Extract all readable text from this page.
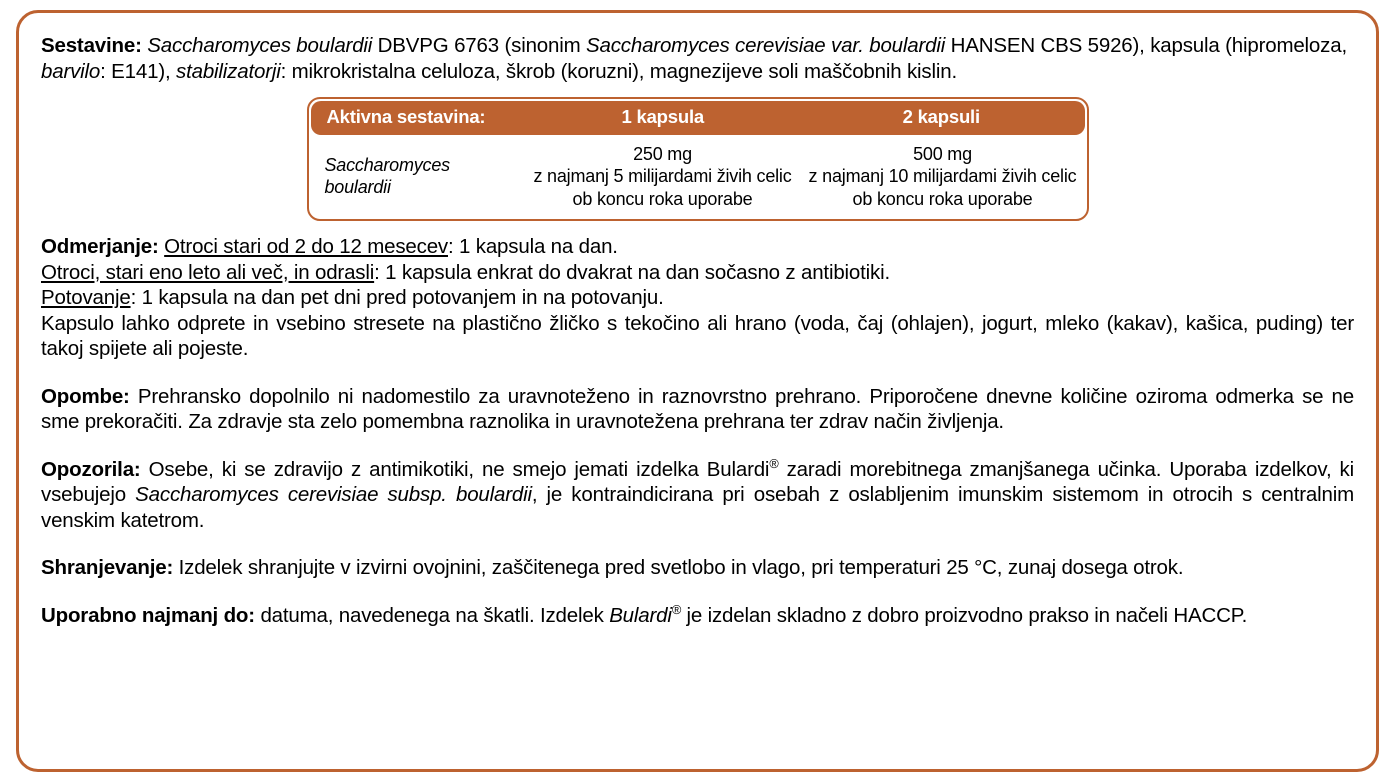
Sestavine: Saccharomyces boulardii DBVPG 6763 (sinonim Saccharomyces cerevisiae var. boulardii HANSEN CBS 5926), kapsula (hipromeloza, barvilo: E141), stabilizatorji: mikrokristalna celuloza, škrob (koruzni), magnezijeve soli maščobnih kislin.

Aktivna sestavina:	1 kapsula	2 kapsuli
Saccharomyces
boulardii
250 mg
z najmanj 5 milijardami živih celic
ob koncu roka uporabe
500 mg
z najmanj 10 milijardami živih celic
ob koncu roka uporabe

Odmerjanje: Otroci stari od 2 do 12 mesecev: 1 kapsula na dan.

Otroci, stari eno leto ali več, in odrasli: 1 kapsula enkrat do dvakrat na dan sočasno z antibiotiki.

Potovanje: 1 kapsula na dan pet dni pred potovanjem in na potovanju.

Kapsulo lahko odprete in vsebino stresete na plastično žličko s tekočino ali hrano (voda, čaj (ohlajen), jogurt, mleko (kakav), kašica, puding) ter takoj spijete ali pojeste.

Opombe: Prehransko dopolnilo ni nadomestilo za uravnoteženo in raznovrstno prehrano. Priporočene dnevne količine oziroma odmerka se ne sme prekoračiti. Za zdravje sta zelo pomembna raznolika in uravnotežena prehrana ter zdrav način življenja.

Opozorila: Osebe, ki se zdravijo z antimikotiki, ne smejo jemati izdelka Bulardi® zaradi morebitnega zmanjšanega učinka. Uporaba izdelkov, ki vsebujejo Saccharomyces cerevisiae subsp. boulardii, je kontraindicirana pri osebah z oslabljenim imunskim sistemom in otrocih s centralnim venskim katetrom.

Shranjevanje: Izdelek shranjujte v izvirni ovojnini, zaščitenega pred svetlobo in vlago, pri temperaturi 25 °C, zunaj dosega otrok.

Uporabno najmanj do: datuma, navedenega na škatli. Izdelek Bulardi® je izdelan skladno z dobro proizvodno prakso in načeli HACCP.
